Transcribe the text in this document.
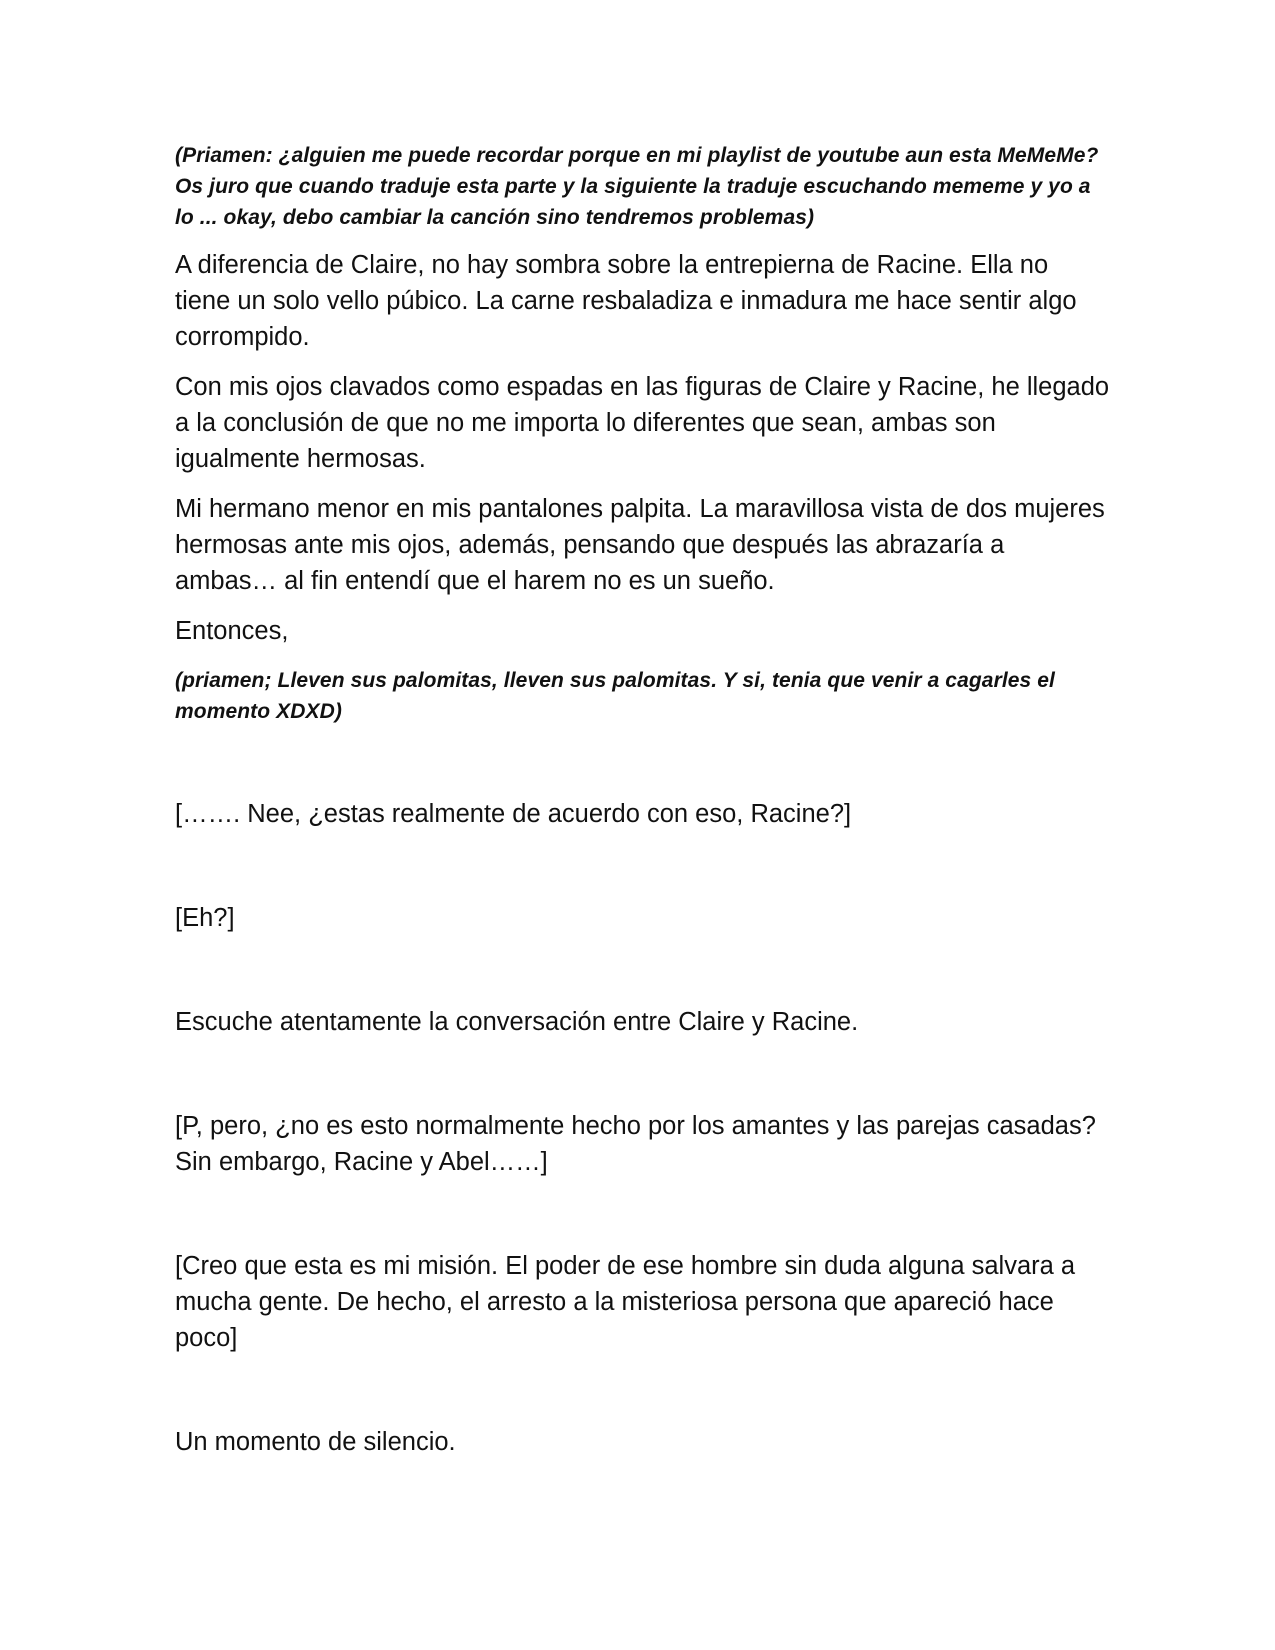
(Priamen: ¿alguien me puede recordar porque en mi playlist de youtube aun esta MeMeMe? Os juro que cuando traduje esta parte y la siguiente la traduje escuchando mememe y yo a lo ... okay, debo cambiar la canción sino tendremos problemas)

A diferencia de Claire, no hay sombra sobre la entrepierna de Racine. Ella no tiene un solo vello púbico. La carne resbaladiza e inmadura me hace sentir algo corrompido.

Con mis ojos clavados como espadas en las figuras de Claire y Racine, he llegado a la conclusión de que no me importa lo diferentes que sean, ambas son igualmente hermosas.

Mi hermano menor en mis pantalones palpita. La maravillosa vista de dos mujeres hermosas ante mis ojos, además, pensando que después las abrazaría a ambas… al fin entendí que el harem no es un sueño.

Entonces,

(priamen; Lleven sus palomitas, lleven sus palomitas. Y si, tenia que venir a cagarles el momento XDXD)

[……. Nee, ¿estas realmente de acuerdo con eso, Racine?]

[Eh?]

Escuche atentamente la conversación entre Claire y Racine.

[P, pero, ¿no es esto normalmente hecho por los amantes y las parejas casadas? Sin embargo, Racine y Abel……]

[Creo que esta es mi misión. El poder de ese hombre sin duda alguna salvara a mucha gente. De hecho, el arresto a la misteriosa persona que apareció hace poco]

Un momento de silencio.
